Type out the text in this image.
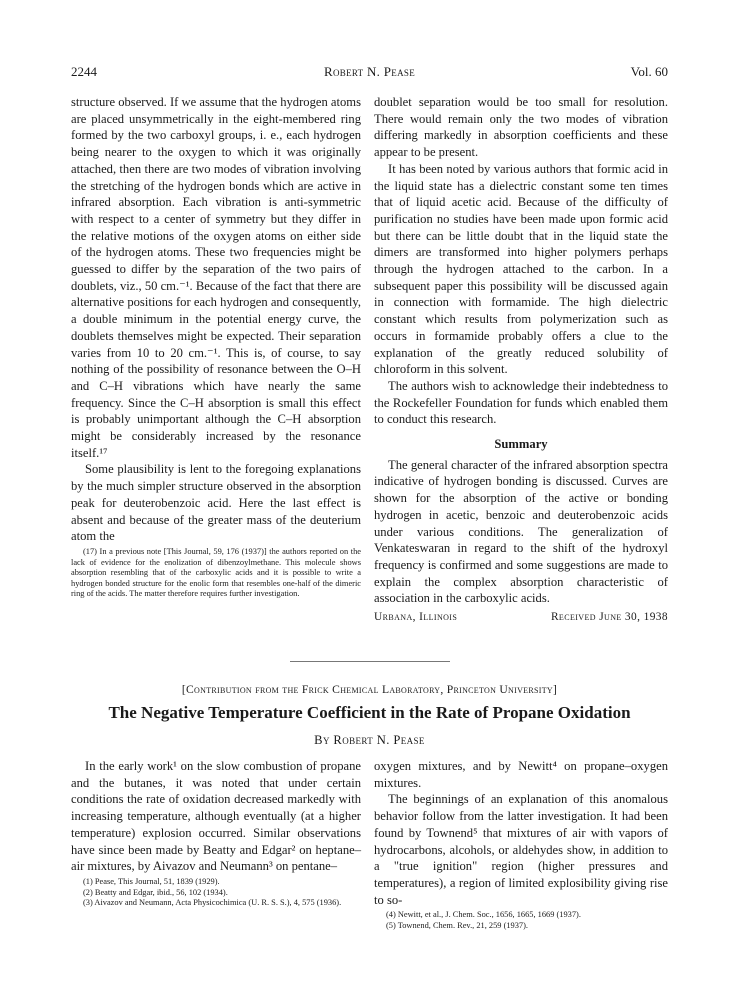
2244	Robert N. Pease	Vol. 60

structure observed. If we assume that the hydrogen atoms are placed unsymmetrically in the eight-membered ring formed by the two carboxyl groups, i. e., each hydrogen being nearer to the oxygen to which it was originally attached, then there are two modes of vibration involving the stretching of the hydrogen bonds which are active in infrared absorption. Each vibration is anti-symmetric with respect to a center of symmetry but they differ in the relative motions of the oxygen atoms on either side of the hydrogen atoms. These two frequencies might be guessed to differ by the separation of the two pairs of doublets, viz., 50 cm.⁻¹. Because of the fact that there are alternative positions for each hydrogen and consequently, a double minimum in the potential energy curve, the doublets themselves might be expected. Their separation varies from 10 to 20 cm.⁻¹. This is, of course, to say nothing of the possibility of resonance between the O–H and C–H vibrations which have nearly the same frequency. Since the C–H absorption is small this effect is probably unimportant although the C–H absorption might be considerably increased by the resonance itself.¹⁷

Some plausibility is lent to the foregoing explanations by the much simpler structure observed in the absorption peak for deuterobenzoic acid. Here the last effect is absent and because of the greater mass of the deuterium atom the

(17) In a previous note [This Journal, 59, 176 (1937)] the authors reported on the lack of evidence for the enolization of dibenzoylmethane. This molecule shows absorption resembling that of the carboxylic acids and it is possible to write a hydrogen bonded structure for the enolic form that resembles one-half of the dimeric ring of the acids. The matter therefore requires further investigation.

doublet separation would be too small for resolution. There would remain only the two modes of vibration differing markedly in absorption coefficients and these appear to be present.

It has been noted by various authors that formic acid in the liquid state has a dielectric constant some ten times that of liquid acetic acid. Because of the difficulty of purification no studies have been made upon formic acid but there can be little doubt that in the liquid state the dimers are transformed into higher polymers perhaps through the hydrogen attached to the carbon. In a subsequent paper this possibility will be discussed again in connection with formamide. The high dielectric constant which results from polymerization such as occurs in formamide probably offers a clue to the explanation of the greatly reduced solubility of chloroform in this solvent.

The authors wish to acknowledge their indebtedness to the Rockefeller Foundation for funds which enabled them to conduct this research.

Summary

The general character of the infrared absorption spectra indicative of hydrogen bonding is discussed. Curves are shown for the absorption of the active or bonding hydrogen in acetic, benzoic and deuterobenzoic acids under various conditions. The generalization of Venkateswaran in regard to the shift of the hydroxyl frequency is confirmed and some suggestions are made to explain the complex absorption characteristic of association in the carboxylic acids.

Urbana, Illinois	Received June 30, 1938
[Contribution from the Frick Chemical Laboratory, Princeton University]
The Negative Temperature Coefficient in the Rate of Propane Oxidation
By Robert N. Pease

In the early work¹ on the slow combustion of propane and the butanes, it was noted that under certain conditions the rate of oxidation decreased markedly with increasing temperature, although eventually (at a higher temperature) explosion occurred. Similar observations have since been made by Beatty and Edgar² on heptane–air mixtures, by Aivazov and Neumann³ on pentane–

(1) Pease, This Journal, 51, 1839 (1929).

(2) Beatty and Edgar, ibid., 56, 102 (1934).

(3) Aivazov and Neumann, Acta Physicochimica (U. R. S. S.), 4, 575 (1936).

oxygen mixtures, and by Newitt⁴ on propane–oxygen mixtures.

The beginnings of an explanation of this anomalous behavior follow from the latter investigation. It had been found by Townend⁵ that mixtures of air with vapors of hydrocarbons, alcohols, or aldehydes show, in addition to a "true ignition" region (higher pressures and temperatures), a region of limited explosibility giving rise to so-

(4) Newitt, et al., J. Chem. Soc., 1656, 1665, 1669 (1937).

(5) Townend, Chem. Rev., 21, 259 (1937).
